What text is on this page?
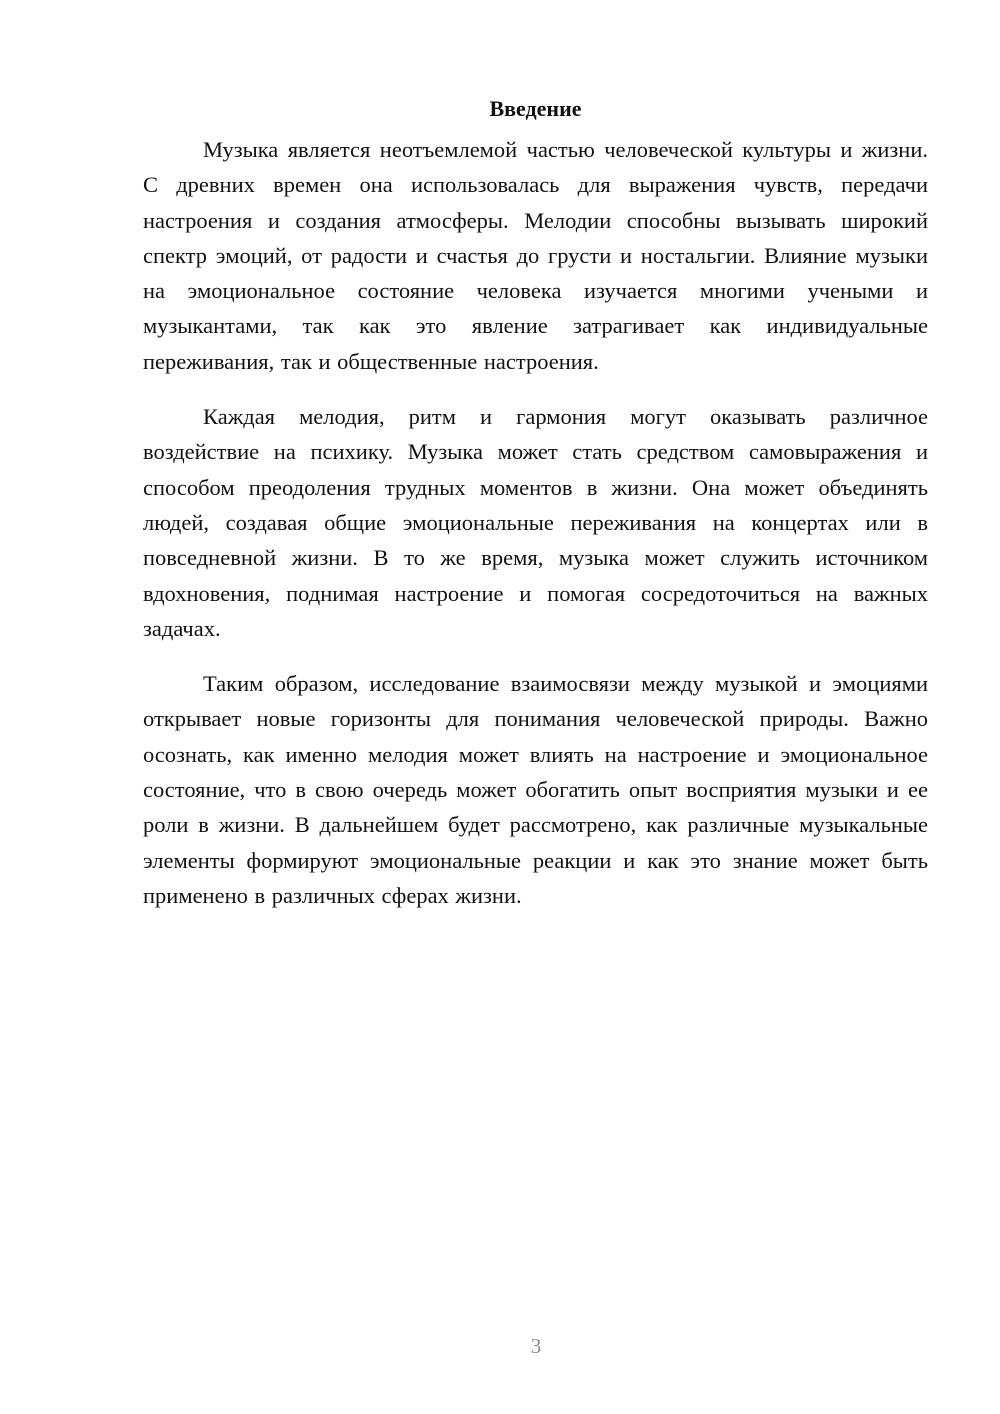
Введение

Музыка является неотъемлемой частью человеческой культуры и жизни. С древних времен она использовалась для выражения чувств, передачи настроения и создания атмосферы. Мелодии способны вызывать широкий спектр эмоций, от радости и счастья до грусти и ностальгии. Влияние музыки на эмоциональное состояние человека изучается многими учеными и музыкантами, так как это явление затрагивает как индивидуальные переживания, так и общественные настроения.

Каждая мелодия, ритм и гармония могут оказывать различное воздействие на психику. Музыка может стать средством самовыражения и способом преодоления трудных моментов в жизни. Она может объединять людей, создавая общие эмоциональные переживания на концертах или в повседневной жизни. В то же время, музыка может служить источником вдохновения, поднимая настроение и помогая сосредоточиться на важных задачах.

Таким образом, исследование взаимосвязи между музыкой и эмоциями открывает новые горизонты для понимания человеческой природы. Важно осознать, как именно мелодия может влиять на настроение и эмоциональное состояние, что в свою очередь может обогатить опыт восприятия музыки и ее роли в жизни. В дальнейшем будет рассмотрено, как различные музыкальные элементы формируют эмоциональные реакции и как это знание может быть применено в различных сферах жизни.

3
